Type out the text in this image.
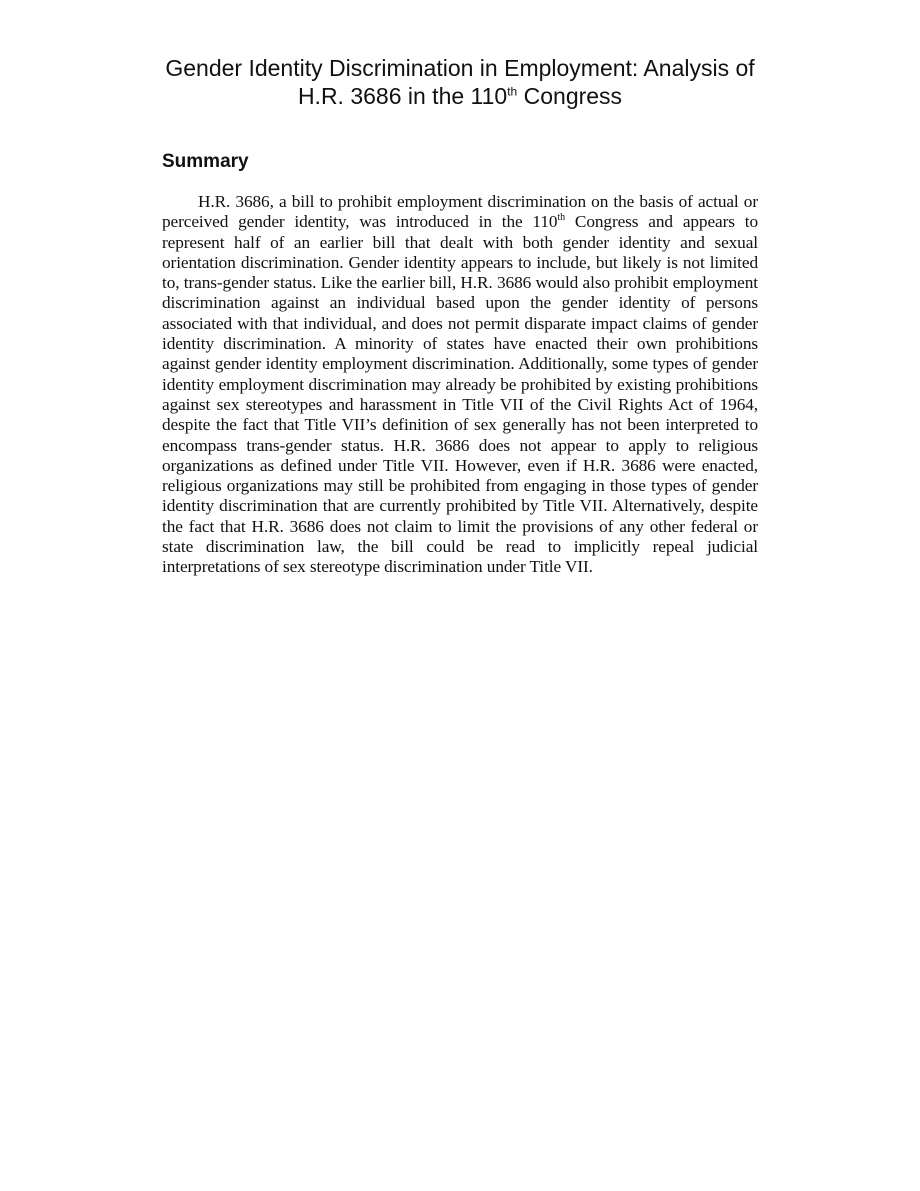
Gender Identity Discrimination in Employment: Analysis of H.R. 3686 in the 110th Congress
Summary

H.R. 3686, a bill to prohibit employment discrimination on the basis of actual or perceived gender identity, was introduced in the 110th Congress and appears to represent half of an earlier bill that dealt with both gender identity and sexual orientation discrimination. Gender identity appears to include, but likely is not limited to, trans-gender status. Like the earlier bill, H.R. 3686 would also prohibit employment discrimination against an individual based upon the gender identity of persons associated with that individual, and does not permit disparate impact claims of gender identity discrimination. A minority of states have enacted their own prohibitions against gender identity employment discrimination. Additionally, some types of gender identity employment discrimination may already be prohibited by existing prohibitions against sex stereotypes and harassment in Title VII of the Civil Rights Act of 1964, despite the fact that Title VII’s definition of sex generally has not been interpreted to encompass trans-gender status. H.R. 3686 does not appear to apply to religious organizations as defined under Title VII. However, even if H.R. 3686 were enacted, religious organizations may still be prohibited from engaging in those types of gender identity discrimination that are currently prohibited by Title VII. Alternatively, despite the fact that H.R. 3686 does not claim to limit the provisions of any other federal or state discrimination law, the bill could be read to implicitly repeal judicial interpretations of sex stereotype discrimination under Title VII.
